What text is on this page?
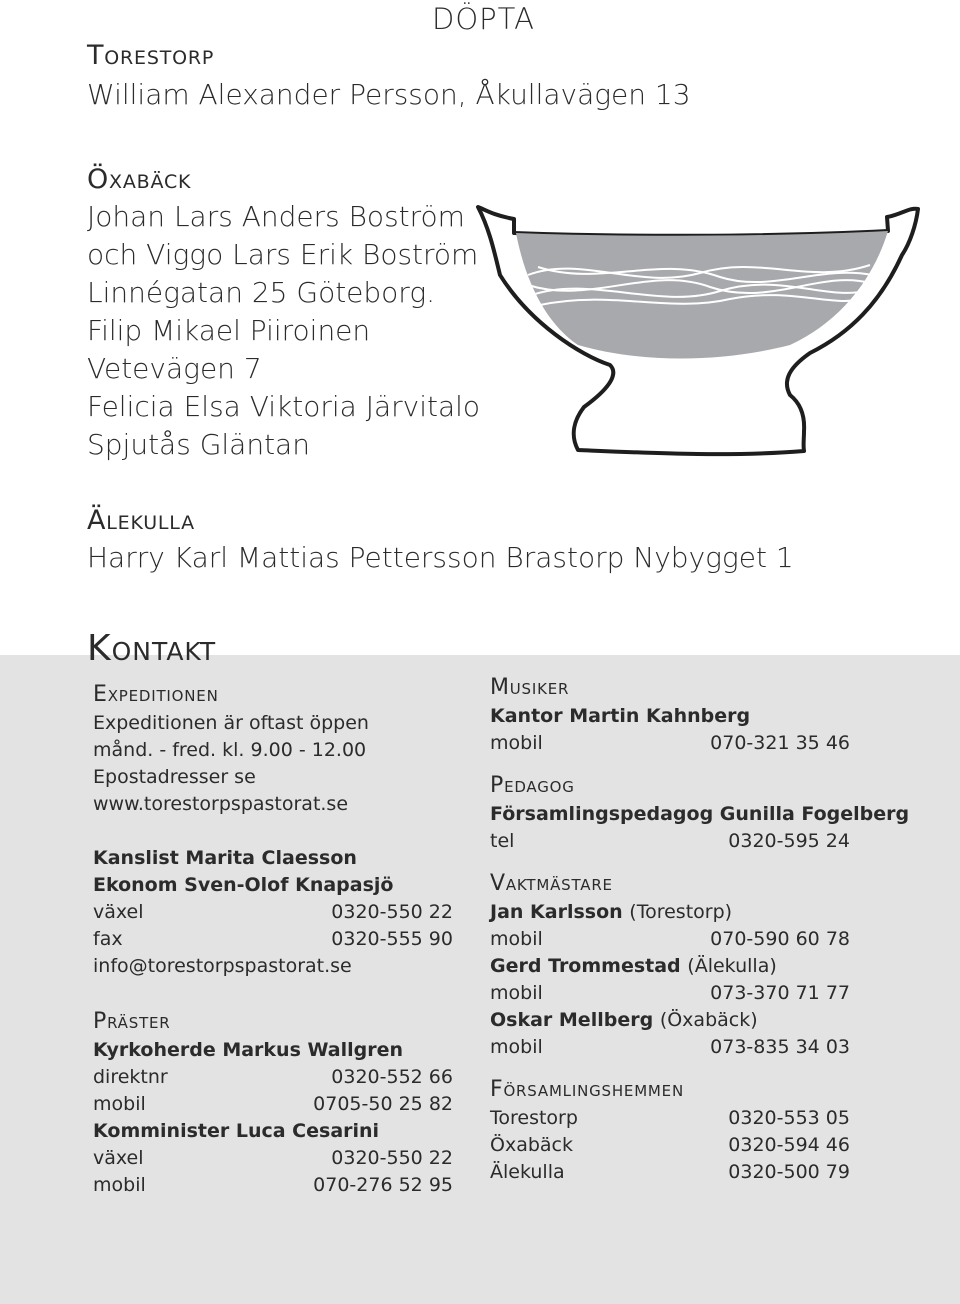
DÖPTA
Torestorp
William Alexander Persson, Åkullavägen 13
Öxabäck
Johan Lars Anders Boström
och Viggo Lars Erik Boström
Linnégatan 25 Göteborg.
Filip Mikael Piiroinen
Vetevägen 7
Felicia Elsa Viktoria Järvitalo
Spjutås Gläntan
Älekulla
Harry Karl Mattias Pettersson Brastorp Nybygget 1
Kontakt
Expeditionen
Expeditionen är oftast öppen
månd. - fred. kl. 9.00 - 12.00
Epostadresser se
www.torestorpspastorat.se
Kanslist Marita Claesson
Ekonom Sven-Olof Knapasjö
växel	0320-550 22
fax	0320-555 90
info@torestorpspastorat.se
Präster
Kyrkoherde Markus Wallgren
direktnr	0320-552 66
mobil	0705-50 25 82
Komminister Luca Cesarini
växel	0320-550 22
mobil	070-276 52 95
Musiker
Kantor Martin Kahnberg
mobil	070-321 35 46
Pedagog
Församlingspedagog Gunilla Fogelberg
tel	0320-595 24
Vaktmästare
Jan Karlsson (Torestorp)
mobil	070-590 60 78
Gerd Trommestad (Älekulla)
mobil	073-370 71 77
Oskar Mellberg (Öxabäck)
mobil	073-835 34 03
Församlingshemmen
Torestorp	0320-553 05
Öxabäck	0320-594 46
Älekulla	0320-500 79
